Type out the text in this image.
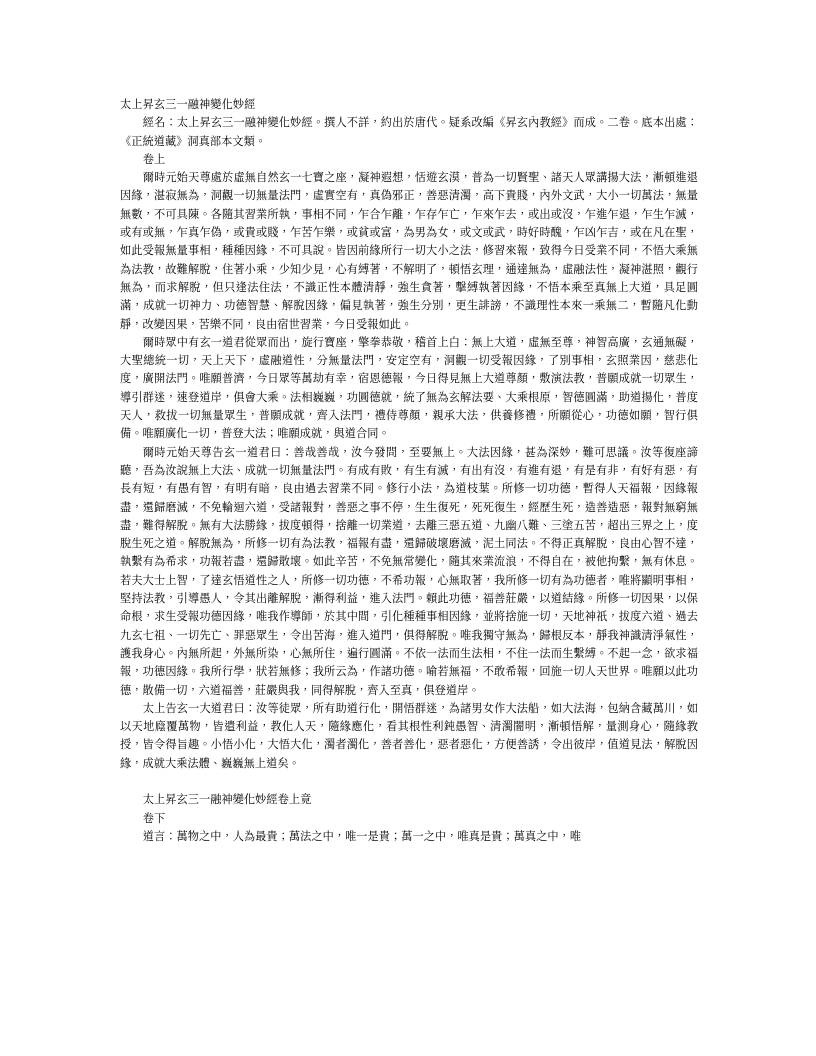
太上昇玄三一融神變化妙經
經名：太上昇玄三一融神變化妙經。撰人不詳，約出於唐代。疑系改編《昇玄內教經》而成。二卷。底本出處：《正統道藏》洞真部本文類。
卷上
爾時元始天尊處於虛無自然玄一七寶之座，凝神遐想，恬遊玄漠，普為一切賢聖、諸天人眾講揚大法，漸頓進退因緣，湛寂無為，洞觀一切無量法門，虛實空有，真偽邪正，善惡清濁，高下貴賤，內外文武，大小一切萬法，無量無數，不可具陳。各隨其習業所執，事相不同，乍合乍離，乍存乍亡，乍來乍去，或出或沒，乍進乍退，乍生乍滅，或有或無，乍真乍偽，或貴或賤，乍苦乍樂，或貧或富，為男為女，或文或武，時好時醜，乍凶乍吉，或在凡在聖，如此受報無量事相，種種因緣，不可具說。皆因前緣所行一切大小之法，修習來報，致得今日受業不同，不悟大乘無為法教，故難解脫，住著小乘，少知少見，心有縛著，不解明了，頓悟玄理，通達無為，虛融法性，凝神湛照，觀行無為，而求解脫，但只逢法住法，不識正性本體清靜，強生貪著，擊縛執著因緣，不悟本乘至真無上大道，具足圓滿，成就一切神力、功德智慧、解脫因緣，偏見執著，強生分別，更生誹謗，不識理性本來一乘無二，暫隨凡化動靜，改變因果，苦樂不同，良由宿世習業，今日受報如此。
爾時眾中有玄一道君從眾而出，旋行寶座，擎拳恭敬，稽首上白：無上大道，虛無至尊，神智高廣，玄通無礙，大聖總統一切，天上天下，虛融道性，分無量法門，安定空有，洞觀一切受報因緣，了別事相，玄照業因，慈悲化度，廣開法門。唯願普濟，今日眾等萬劫有幸，宿恩德報，今日得見無上大道尊顏，敷演法教，普願成就一切眾生，導引群迷，速登道岸，俱會大乘。法相巍巍，功圓德就，統了無為玄解法要、大乘根原，智德圓滿，助道揚化，普度天人，救拔一切無量眾生，普願成就，齊入法門，禮侍尊顏，親承大法，供養修禮，所願從心，功德如願，智行俱備。唯願廣化一切，普登大法；唯願成就，與道合同。
爾時元始天尊告玄一道君曰：善哉善哉，汝今發問，至要無上。大法因緣，甚為深妙，難可思議。汝等復座諦聽，吾為汝說無上大法、成就一切無量法門。有成有敗，有生有滅，有出有沒，有進有退，有是有非，有好有惡，有長有短，有愚有智，有明有暗，良由過去習業不同。修行小法，為道枝葉。所修一切功德，暫得人天福報，因緣報盡，還歸磨滅，不免輪迴六道，受諸報對，善惡之事不停，生生復死，死死復生，經歷生死，造善造惡，報對無窮無盡，難得解脫。無有大法勝緣，拔度頓得，捨離一切業道，去離三惡五道、九幽八難、三塗五苦，超出三界之上，度脫生死之道。解脫無為，所修一切有為法教，福報有盡，還歸破壞磨滅，泥土同法。不得正真解脫，良由心智不達，執繫有為希求，功報若盡，還歸散壞。如此辛苦，不免無常變化，隨其來業流浪，不得自在，被他拘繫，無有休息。若夫大士上智，了達玄悟道性之人，所修一切功德，不希功報，心無取著，我所修一切有為功德者，唯將顯明事相，堅持法教，引導愚人，令其出離解脫，漸得利益，進入法門。賴此功德，福善莊嚴，以道結緣。所修一切因果，以保命根，求生受報功德因緣，唯我作導師，於其中間，引化種種事相因緣，並將捨施一切，天地神祇，拔度六道、過去九玄七祖、一切先亡、罪惡眾生，令出苦海，進入道門，俱得解脫。唯我獨守無為，歸根反本，靜我神識清淨氣性，護我身心。內無所起，外無所染，心無所住，遍行圓滿。不依一法而生法相，不住一法而生繫縛。不起一念，欲求福報，功德因緣。我所行學，狀若無修；我所云為，作諸功德。喻若無福，不敢希報，回施一切人天世界。唯願以此功德，散備一切，六道福善，莊嚴與我，同得解脫，齊入至真，俱登道岸。
太上告玄一大道君曰：汝等徒眾，所有助道行化，開悟群迷，為諸男女作大法船，如大法海，包納含藏萬川，如以天地廕覆萬物，皆遣利益，教化人天，隨緣應化，看其根性利鈍愚智、清濁闇明，漸頓悟解，量測身心，隨緣教授，皆令得旨趣。小悟小化，大悟大化，濁者濁化，善者善化，惡者惡化，方便善誘，令出彼岸，值道見法，解脫因緣，成就大乘法體、巍巍無上道矣。
太上昇玄三一融神變化妙經卷上竟
卷下
道言：萬物之中，人為最貴；萬法之中，唯一是貴；萬一之中，唯真是貴；萬真之中，唯
